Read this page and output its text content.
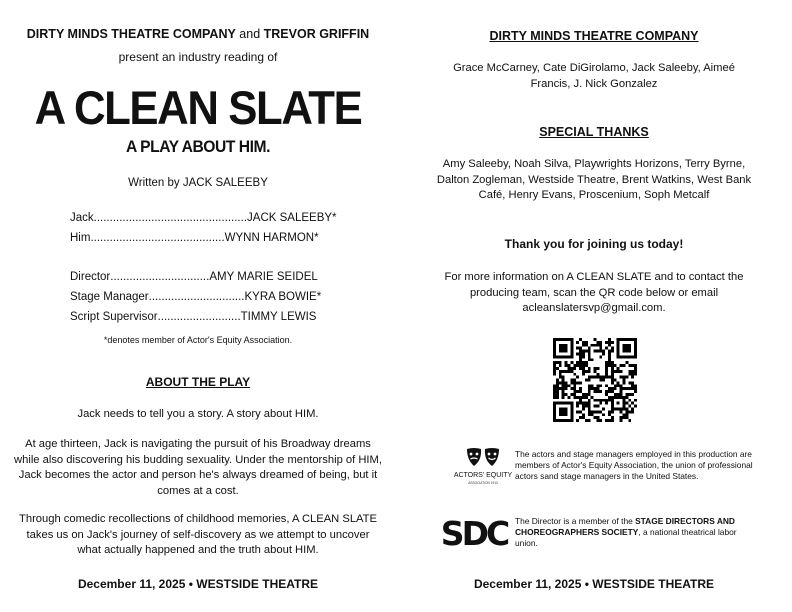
DIRTY MINDS THEATRE COMPANY and TREVOR GRIFFIN
present an industry reading of
A CLEAN SLATE
A PLAY ABOUT HIM.
Written by JACK SALEEBY
Jack ................................................ JACK SALEEBY*
Him .......................................... WYNN HARMON*
Director ............................... AMY MARIE SEIDEL
Stage Manager .............................. KYRA BOWIE*
Script Supervisor .......................... TIMMY LEWIS
*denotes member of Actor's Equity Association.
ABOUT THE PLAY
Jack needs to tell you a story. A story about HIM.
At age thirteen, Jack is navigating the pursuit of his Broadway dreams while also discovering his budding sexuality. Under the mentorship of HIM, Jack becomes the actor and person he's always dreamed of being, but it comes at a cost.
Through comedic recollections of childhood memories, A CLEAN SLATE takes us on Jack's journey of self-discovery as we attempt to uncover what actually happened and the truth about HIM.
December 11, 2025 • WESTSIDE THEATRE
DIRTY MINDS THEATRE COMPANY
Grace McCarney, Cate DiGirolamo, Jack Saleeby, Aimeé Francis, J. Nick Gonzalez
SPECIAL THANKS
Amy Saleeby, Noah Silva, Playwrights Horizons, Terry Byrne, Dalton Zogleman, Westside Theatre, Brent Watkins, West Bank Café, Henry Evans, Proscenium, Soph Metcalf
Thank you for joining us today!
For more information on A CLEAN SLATE and to contact the producing team, scan the QR code below or email acleanslatersvp@gmail.com.
ACTORS' EQUITY
ASSOCIATION 1913
The actors and stage managers employed in this production are members of Actor's Equity Association, the union of professional actors sand stage managers in the United States.
SDC The Director is a member of the STAGE DIRECTORS AND CHOREOGRAPHERS SOCIETY, a national theatrical labor union.
December 11, 2025 • WESTSIDE THEATRE
